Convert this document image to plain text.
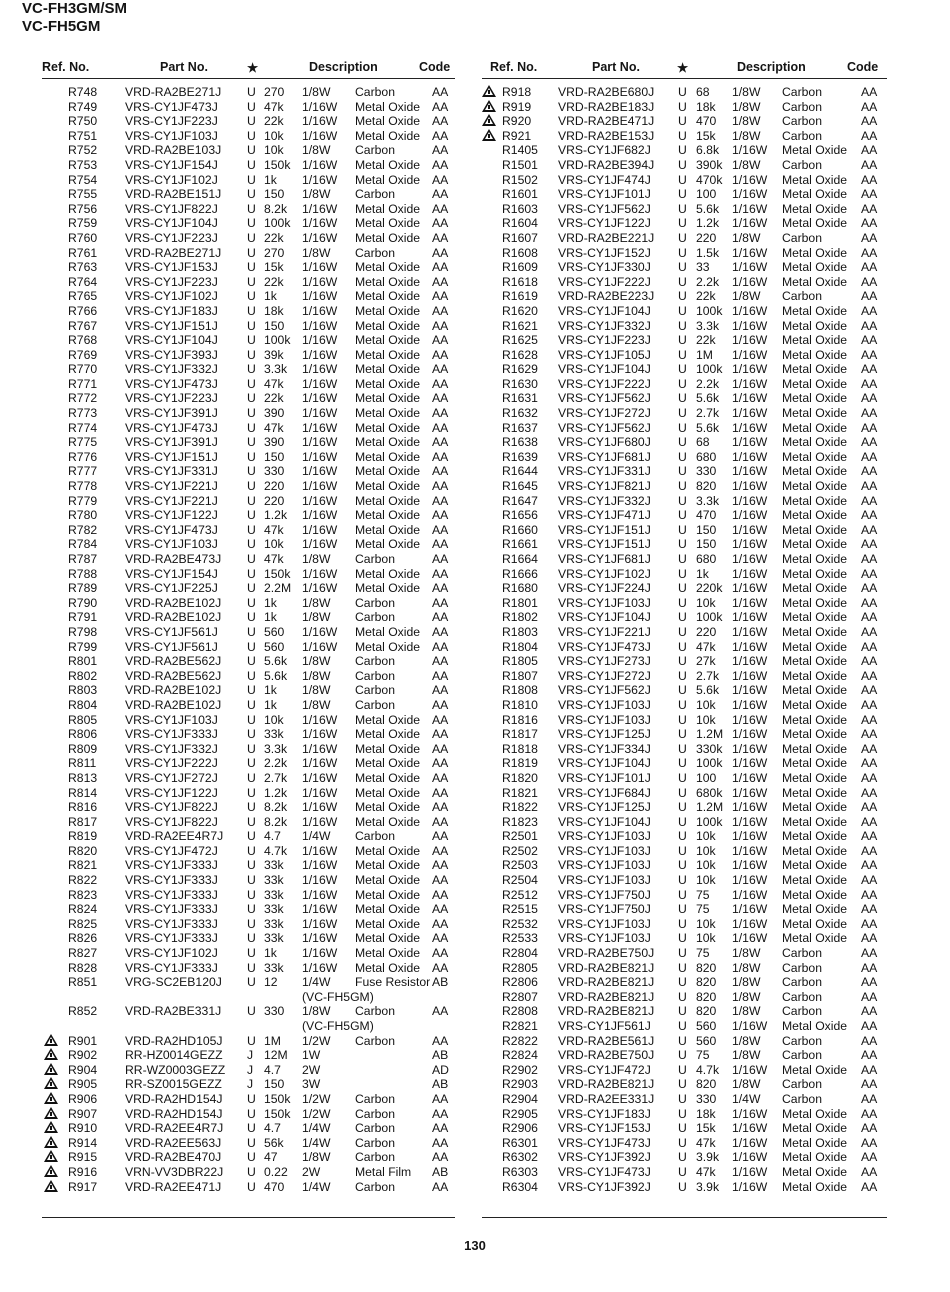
VC-FH3GM/SM
VC-FH5GM
Ref. No.	Part No.	★	Description	Code
R748 VRD-RA2BE271J U 270 1/8W Carbon	AA
R749 VRS-CY1JF473J U 47k 1/16W Metal Oxide AA
R750 VRS-CY1JF223J U 22k 1/16W Metal Oxide AA
R751 VRS-CY1JF103J U 10k 1/16W Metal Oxide AA
R752 VRD-RA2BE103J U 10k 1/8W Carbon	AA
R753 VRS-CY1JF154J U 150k 1/16W Metal Oxide AA
R754 VRS-CY1JF102J U 1k 1/16W Metal Oxide AA
R755 VRD-RA2BE151J U 150 1/8W Carbon	AA
R756 VRS-CY1JF822J U 8.2k 1/16W Metal Oxide AA
R759 VRS-CY1JF104J U 100k 1/16W Metal Oxide AA
R760 VRS-CY1JF223J U 22k 1/16W Metal Oxide AA
R761 VRD-RA2BE271J U 270 1/8W Carbon	AA
R763 VRS-CY1JF153J U 15k 1/16W Metal Oxide AA
R764 VRS-CY1JF223J U 22k 1/16W Metal Oxide AA
R765 VRS-CY1JF102J U 1k 1/16W Metal Oxide AA
R766 VRS-CY1JF183J U 18k 1/16W Metal Oxide AA
R767 VRS-CY1JF151J U 150 1/16W Metal Oxide AA
R768 VRS-CY1JF104J U 100k 1/16W Metal Oxide AA
R769 VRS-CY1JF393J U 39k 1/16W Metal Oxide AA
R770 VRS-CY1JF332J U 3.3k 1/16W Metal Oxide AA
R771 VRS-CY1JF473J U 47k 1/16W Metal Oxide AA
R772 VRS-CY1JF223J U 22k 1/16W Metal Oxide AA
R773 VRS-CY1JF391J U 390 1/16W Metal Oxide AA
R774 VRS-CY1JF473J U 47k 1/16W Metal Oxide AA
R775 VRS-CY1JF391J U 390 1/16W Metal Oxide AA
R776 VRS-CY1JF151J U 150 1/16W Metal Oxide AA
R777 VRS-CY1JF331J U 330 1/16W Metal Oxide AA
R778 VRS-CY1JF221J U 220 1/16W Metal Oxide AA
R779 VRS-CY1JF221J U 220 1/16W Metal Oxide AA
R780 VRS-CY1JF122J U 1.2k 1/16W Metal Oxide AA
R782 VRS-CY1JF473J U 47k 1/16W Metal Oxide AA
R784 VRS-CY1JF103J U 10k 1/16W Metal Oxide AA
R787 VRD-RA2BE473J U 47k 1/8W Carbon	AA
R788 VRS-CY1JF154J U 150k 1/16W Metal Oxide AA
R789 VRS-CY1JF225J U 2.2M 1/16W Metal Oxide AA
R790 VRD-RA2BE102J U 1k 1/8W Carbon	AA
R791 VRD-RA2BE102J U 1k 1/8W Carbon	AA
R798 VRS-CY1JF561J U 560 1/16W Metal Oxide AA
R799 VRS-CY1JF561J U 560 1/16W Metal Oxide AA
R801 VRD-RA2BE562J U 5.6k 1/8W Carbon	AA
R802 VRD-RA2BE562J U 5.6k 1/8W Carbon	AA
R803 VRD-RA2BE102J U 1k 1/8W Carbon	AA
R804 VRD-RA2BE102J U 1k 1/8W Carbon	AA
R805 VRS-CY1JF103J U 10k 1/16W Metal Oxide AA
R806 VRS-CY1JF333J U 33k 1/16W Metal Oxide AA
R809 VRS-CY1JF332J U 3.3k 1/16W Metal Oxide AA
R811 VRS-CY1JF222J U 2.2k 1/16W Metal Oxide AA
R813 VRS-CY1JF272J U 2.7k 1/16W Metal Oxide AA
R814 VRS-CY1JF122J U 1.2k 1/16W Metal Oxide AA
R816 VRS-CY1JF822J U 8.2k 1/16W Metal Oxide AA
R817 VRS-CY1JF822J U 8.2k 1/16W Metal Oxide AA
R819 VRD-RA2EE4R7J U 4.7 1/4W Carbon	AA
R820 VRS-CY1JF472J U 4.7k 1/16W Metal Oxide AA
R821 VRS-CY1JF333J U 33k 1/16W Metal Oxide AA
R822 VRS-CY1JF333J U 33k 1/16W Metal Oxide AA
R823 VRS-CY1JF333J U 33k 1/16W Metal Oxide AA
R824 VRS-CY1JF333J U 33k 1/16W Metal Oxide AA
R825 VRS-CY1JF333J U 33k 1/16W Metal Oxide AA
R826 VRS-CY1JF333J U 33k 1/16W Metal Oxide AA
R827 VRS-CY1JF102J U 1k 1/16W Metal Oxide AA
R828 VRS-CY1JF333J U 33k 1/16W Metal Oxide AA
R851 VRG-SC2EB120J U 12 1/4W Fuse Resistor AB
(VC-FH5GM)
R852 VRD-RA2BE331J U 330 1/8W Carbon	AA
(VC-FH5GM)
R901 VRD-RA2HD105J U 1M 1/2W Carbon	AA
R902 RR-HZ0014GEZZ J 12M 1W	AB
R904 RR-WZ0003GEZZ J 4.7 2W	AD
R905 RR-SZ0015GEZZ J 150 3W	AB
R906 VRD-RA2HD154J U 150k 1/2W Carbon	AA
R907 VRD-RA2HD154J U 150k 1/2W Carbon	AA
R910 VRD-RA2EE4R7J U 4.7 1/4W Carbon	AA
R914 VRD-RA2EE563J U 56k 1/4W Carbon	AA
R915 VRD-RA2BE470J U 47 1/8W Carbon	AA
R916 VRN-VV3DBR22J U 0.22 2W	Metal Film AB
R917 VRD-RA2EE471J U 470 1/4W Carbon	AA
Ref. No.	Part No.	★	Description	Code
R918 VRD-RA2BE680J U 68 1/8W Carbon	AA
R919 VRD-RA2BE183J U 18k 1/8W Carbon	AA
R920 VRD-RA2BE471J U 470 1/8W Carbon	AA
R921 VRD-RA2BE153J U 15k 1/8W Carbon	AA
R1405 VRS-CY1JF682J U 6.8k 1/16W Metal Oxide AA
R1501 VRD-RA2BE394J U 390k 1/8W Carbon	AA
R1502 VRS-CY1JF474J U 470k 1/16W Metal Oxide AA
R1601 VRS-CY1JF101J U 100 1/16W Metal Oxide AA
R1603 VRS-CY1JF562J U 5.6k 1/16W Metal Oxide AA
R1604 VRS-CY1JF122J U 1.2k 1/16W Metal Oxide AA
R1607 VRD-RA2BE221J U 220 1/8W Carbon	AA
R1608 VRS-CY1JF152J U 1.5k 1/16W Metal Oxide AA
R1609 VRS-CY1JF330J U 33 1/16W Metal Oxide AA
R1618 VRS-CY1JF222J U 2.2k 1/16W Metal Oxide AA
R1619 VRD-RA2BE223J U 22k 1/8W Carbon	AA
R1620 VRS-CY1JF104J U 100k 1/16W Metal Oxide AA
R1621 VRS-CY1JF332J U 3.3k 1/16W Metal Oxide AA
R1625 VRS-CY1JF223J U 22k 1/16W Metal Oxide AA
R1628 VRS-CY1JF105J U 1M 1/16W Metal Oxide AA
R1629 VRS-CY1JF104J U 100k 1/16W Metal Oxide AA
R1630 VRS-CY1JF222J U 2.2k 1/16W Metal Oxide AA
R1631 VRS-CY1JF562J U 5.6k 1/16W Metal Oxide AA
R1632 VRS-CY1JF272J U 2.7k 1/16W Metal Oxide AA
R1637 VRS-CY1JF562J U 5.6k 1/16W Metal Oxide AA
R1638 VRS-CY1JF680J U 68 1/16W Metal Oxide AA
R1639 VRS-CY1JF681J U 680 1/16W Metal Oxide AA
R1644 VRS-CY1JF331J U 330 1/16W Metal Oxide AA
R1645 VRS-CY1JF821J U 820 1/16W Metal Oxide AA
R1647 VRS-CY1JF332J U 3.3k 1/16W Metal Oxide AA
R1656 VRS-CY1JF471J U 470 1/16W Metal Oxide AA
R1660 VRS-CY1JF151J U 150 1/16W Metal Oxide AA
R1661 VRS-CY1JF151J U 150 1/16W Metal Oxide AA
R1664 VRS-CY1JF681J U 680 1/16W Metal Oxide AA
R1666 VRS-CY1JF102J U 1k 1/16W Metal Oxide AA
R1680 VRS-CY1JF224J U 220k 1/16W Metal Oxide AA
R1801 VRS-CY1JF103J U 10k 1/16W Metal Oxide AA
R1802 VRS-CY1JF104J U 100k 1/16W Metal Oxide AA
R1803 VRS-CY1JF221J U 220 1/16W Metal Oxide AA
R1804 VRS-CY1JF473J U 47k 1/16W Metal Oxide AA
R1805 VRS-CY1JF273J U 27k 1/16W Metal Oxide AA
R1807 VRS-CY1JF272J U 2.7k 1/16W Metal Oxide AA
R1808 VRS-CY1JF562J U 5.6k 1/16W Metal Oxide AA
R1810 VRS-CY1JF103J U 10k 1/16W Metal Oxide AA
R1816 VRS-CY1JF103J U 10k 1/16W Metal Oxide AA
R1817 VRS-CY1JF125J U 1.2M 1/16W Metal Oxide AA
R1818 VRS-CY1JF334J U 330k 1/16W Metal Oxide AA
R1819 VRS-CY1JF104J U 100k 1/16W Metal Oxide AA
R1820 VRS-CY1JF101J U 100 1/16W Metal Oxide AA
R1821 VRS-CY1JF684J U 680k 1/16W Metal Oxide AA
R1822 VRS-CY1JF125J U 1.2M 1/16W Metal Oxide AA
R1823 VRS-CY1JF104J U 100k 1/16W Metal Oxide AA
R2501 VRS-CY1JF103J U 10k 1/16W Metal Oxide AA
R2502 VRS-CY1JF103J U 10k 1/16W Metal Oxide AA
R2503 VRS-CY1JF103J U 10k 1/16W Metal Oxide AA
R2504 VRS-CY1JF103J U 10k 1/16W Metal Oxide AA
R2512 VRS-CY1JF750J U 75 1/16W Metal Oxide AA
R2515 VRS-CY1JF750J U 75 1/16W Metal Oxide AA
R2532 VRS-CY1JF103J U 10k 1/16W Metal Oxide AA
R2533 VRS-CY1JF103J U 10k 1/16W Metal Oxide AA
R2804 VRD-RA2BE750J U 75 1/8W Carbon	AA
R2805 VRD-RA2BE821J U 820 1/8W Carbon	AA
R2806 VRD-RA2BE821J U 820 1/8W Carbon	AA
R2807 VRD-RA2BE821J U 820 1/8W Carbon	AA
R2808 VRD-RA2BE821J U 820 1/8W Carbon	AA
R2821 VRS-CY1JF561J U 560 1/16W Metal Oxide AA
R2822 VRD-RA2BE561J U 560 1/8W Carbon	AA
R2824 VRD-RA2BE750J U 75 1/8W Carbon	AA
R2902 VRS-CY1JF472J U 4.7k 1/16W Metal Oxide AA
R2903 VRD-RA2BE821J U 820 1/8W Carbon	AA
R2904 VRD-RA2EE331J U 330 1/4W Carbon	AA
R2905 VRS-CY1JF183J U 18k 1/16W Metal Oxide AA
R2906 VRS-CY1JF153J U 15k 1/16W Metal Oxide AA
R6301 VRS-CY1JF473J U 47k 1/16W Metal Oxide AA
R6302 VRS-CY1JF392J U 3.9k 1/16W Metal Oxide AA
R6303 VRS-CY1JF473J U 47k 1/16W Metal Oxide AA
R6304 VRS-CY1JF392J U 3.9k 1/16W Metal Oxide AA
130
